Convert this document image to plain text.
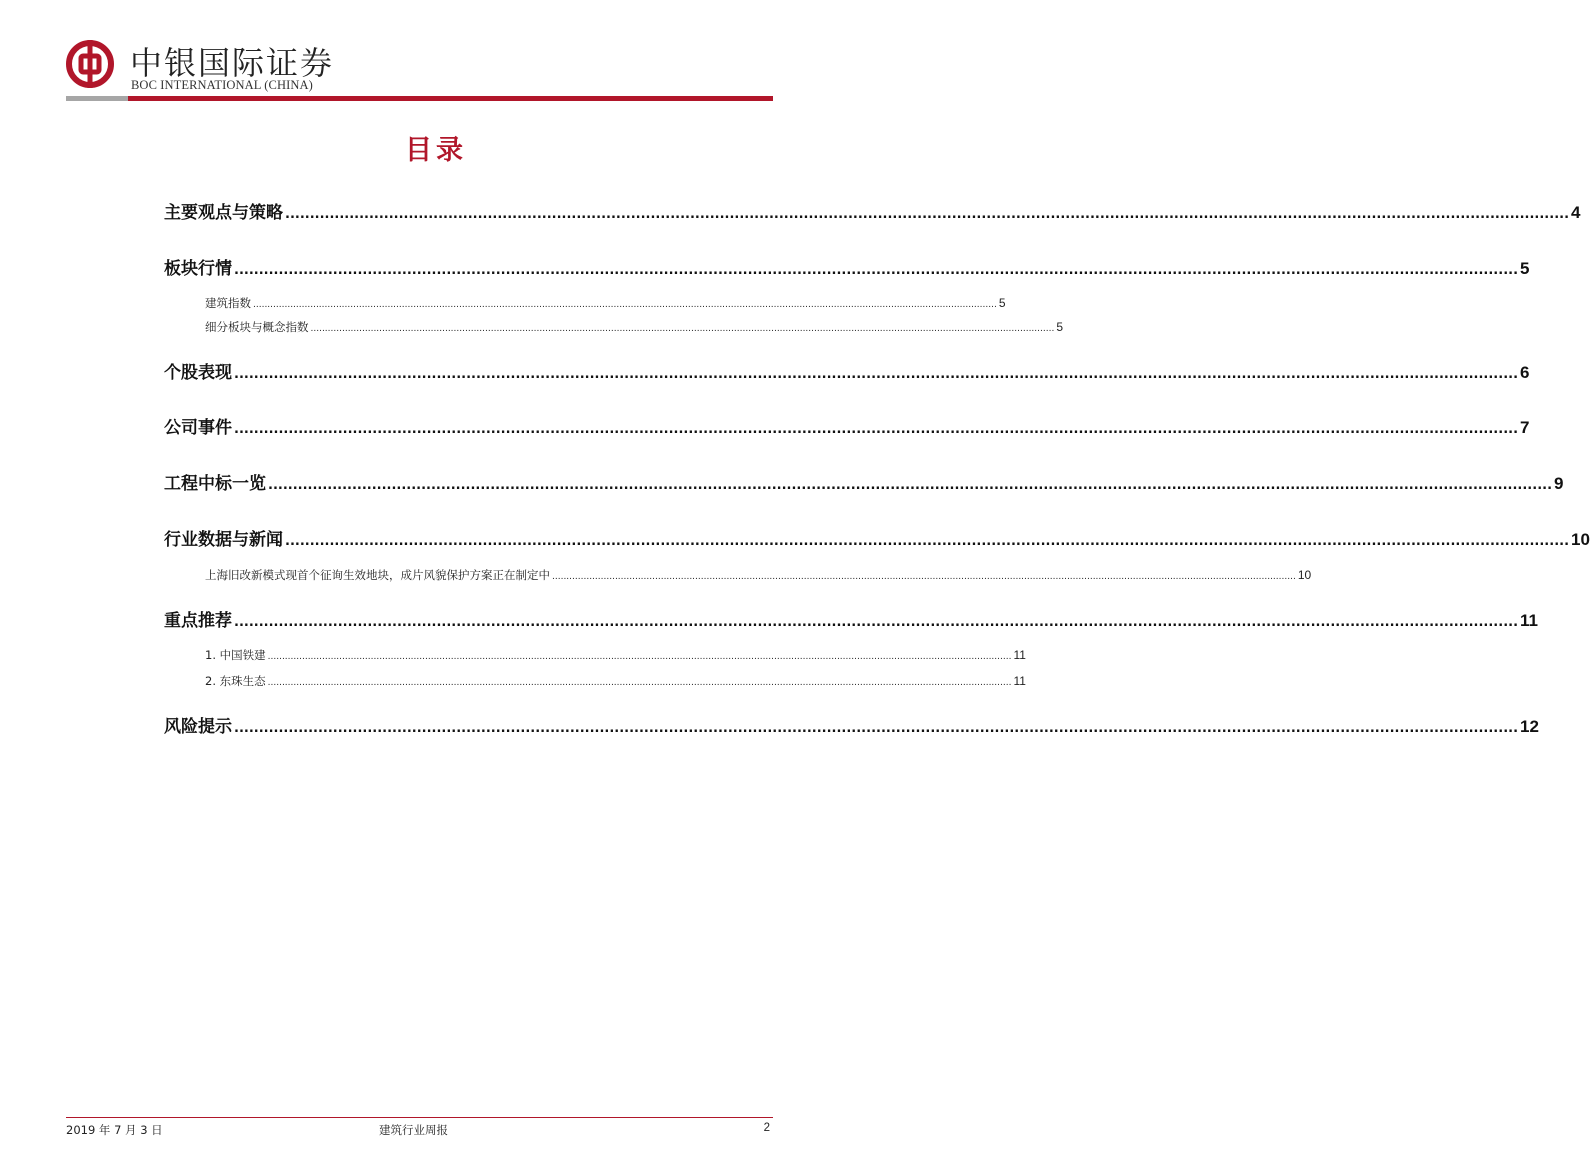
中银国际证券
BOC INTERNATIONAL (CHINA)
目录
主要观点与策略 .................................................................................................................................................................................................................................................................... 4
板块行情 .................................................................................................................................................................................................................................................................... 5
建筑指数 .................................................................................................................................................................................................................................................................... 5
细分板块与概念指数 .................................................................................................................................................................................................................................................................... 5
个股表现 .................................................................................................................................................................................................................................................................... 6
公司事件 .................................................................................................................................................................................................................................................................... 7
工程中标一览 .................................................................................................................................................................................................................................................................... 9
行业数据与新闻 .................................................................................................................................................................................................................................................................... 10
上海旧改新模式现首个征询生效地块，成片风貌保护方案正在制定中 .................................................................................................................................................................................................................................................................... 10
重点推荐 .................................................................................................................................................................................................................................................................... 11
1. 中国铁建 .................................................................................................................................................................................................................................................................... 11
2. 东珠生态 .................................................................................................................................................................................................................................................................... 11
风险提示 .................................................................................................................................................................................................................................................................... 12
2019 年 7 月 3 日	建筑行业周报	2
